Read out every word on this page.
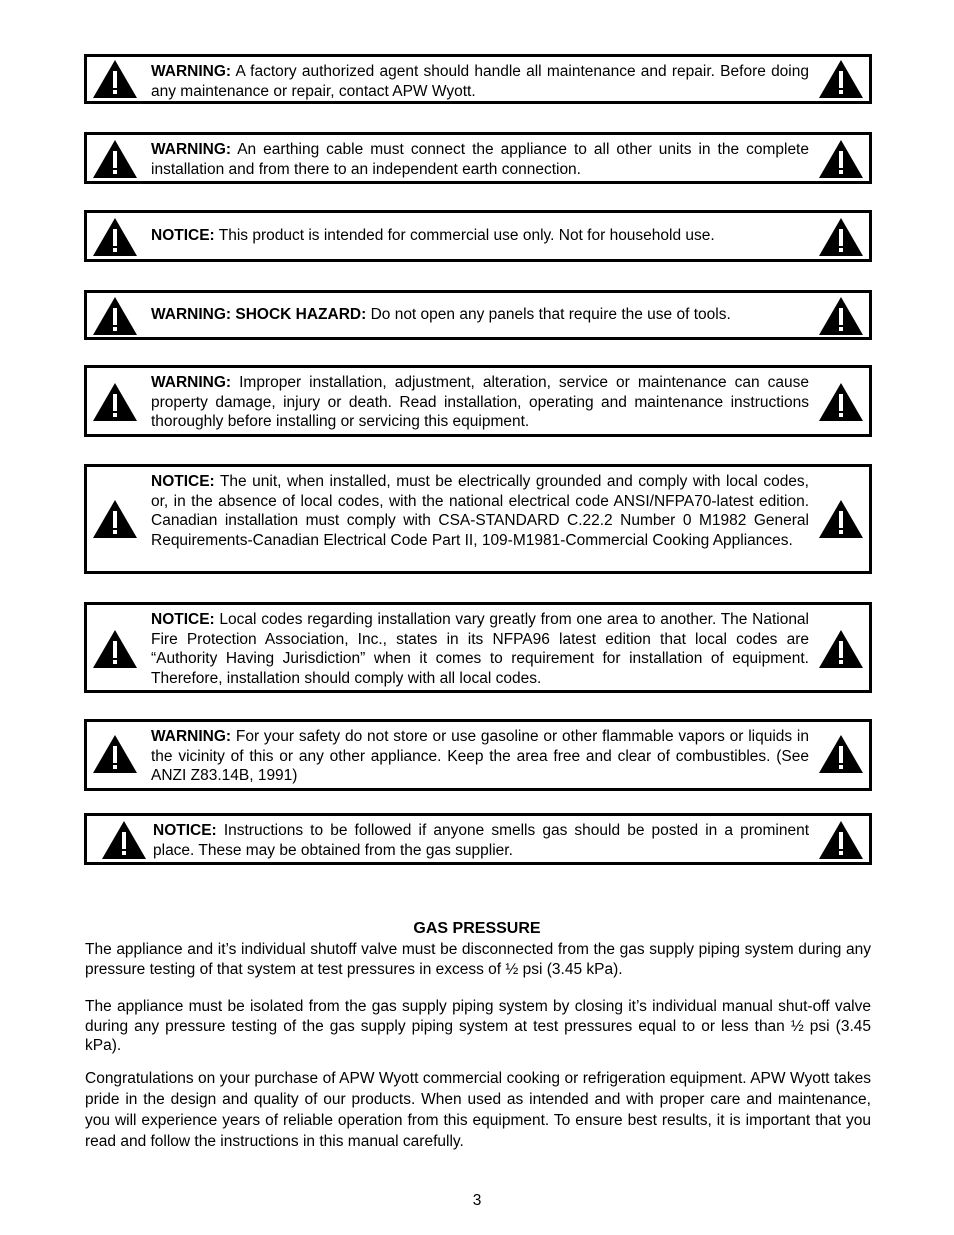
WARNING: A factory authorized agent should handle all maintenance and repair. Before doing any maintenance or repair, contact APW Wyott.
WARNING: An earthing cable must connect the appliance to all other units in the complete installation and from there to an independent earth connection.
NOTICE: This product is intended for commercial use only. Not for household use.
WARNING: SHOCK HAZARD: Do not open any panels that require the use of tools.
WARNING: Improper installation, adjustment, alteration, service or maintenance can cause property damage, injury or death. Read installation, operating and maintenance instructions thoroughly before installing or servicing this equipment.
NOTICE: The unit, when installed, must be electrically grounded and comply with local codes, or, in the absence of local codes, with the national electrical code ANSI/NFPA70-latest edition. Canadian installation must comply with CSA-STANDARD C.22.2 Number 0 M1982 General Requirements-Canadian Electrical Code Part II, 109-M1981-Commercial Cooking Appliances.
NOTICE: Local codes regarding installation vary greatly from one area to another. The National Fire Protection Association, Inc., states in its NFPA96 latest edition that local codes are “Authority Having Jurisdiction” when it comes to requirement for installation of equipment. Therefore, installation should comply with all local codes.
WARNING: For your safety do not store or use gasoline or other flammable vapors or liquids in the vicinity of this or any other appliance. Keep the area free and clear of combustibles. (See ANZI Z83.14B, 1991)
NOTICE: Instructions to be followed if anyone smells gas should be posted in a prominent place. These may be obtained from the gas supplier.
GAS PRESSURE
The appliance and it’s individual shutoff valve must be disconnected from the gas supply piping system during any pressure testing of that system at test pressures in excess of ½ psi (3.45 kPa).
The appliance must be isolated from the gas supply piping system by closing it’s individual manual shut-off valve during any pressure testing of the gas supply piping system at test pressures equal to or less than ½ psi (3.45 kPa).
Congratulations on your purchase of APW Wyott commercial cooking or refrigeration equipment. APW Wyott takes pride in the design and quality of our products. When used as intended and with proper care and maintenance, you will experience years of reliable operation from this equipment. To ensure best results, it is important that you read and follow the instructions in this manual carefully.
3
